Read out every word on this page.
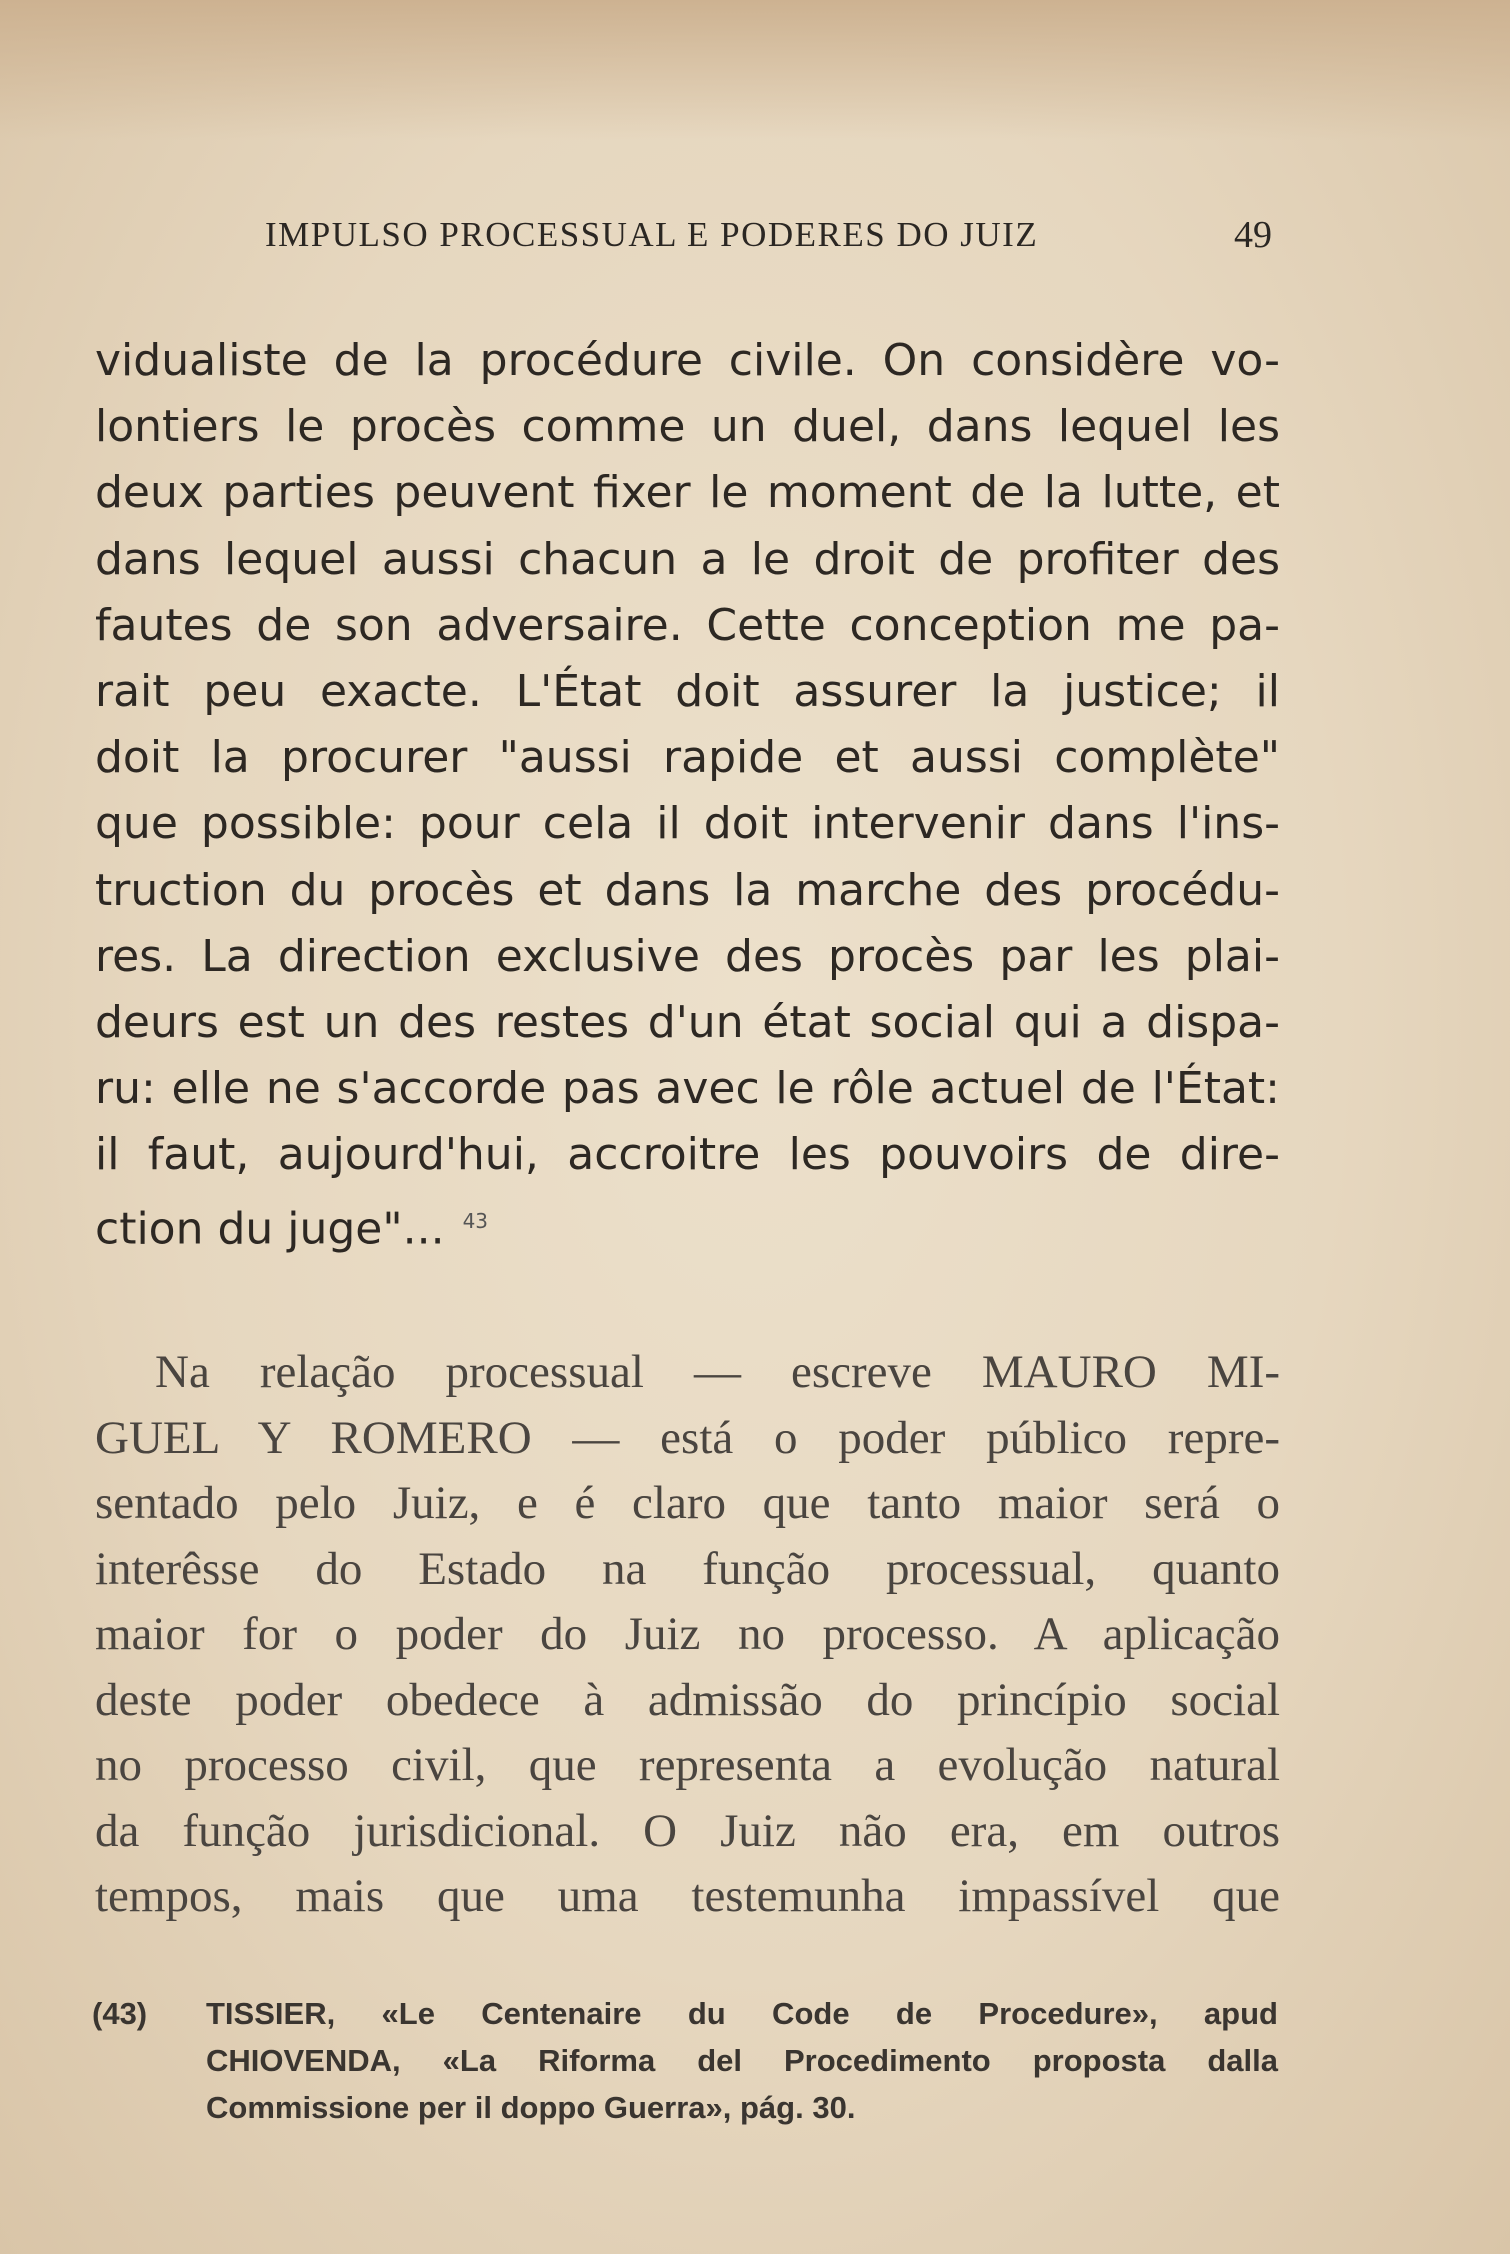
IMPULSO PROCESSUAL E PODERES DO JUIZ	49
vidualiste de la procédure civile. On considère vo-
lontiers le procès comme un duel, dans lequel les
deux parties peuvent fixer le moment de la lutte, et
dans lequel aussi chacun a le droit de profiter des
fautes de son adversaire. Cette conception me pa-
rait peu exacte. L'État doit assurer la justice; il
doit la procurer "aussi rapide et aussi complète"
que possible: pour cela il doit intervenir dans l'ins-
truction du procès et dans la marche des procédu-
res. La direction exclusive des procès par les plai-
deurs est un des restes d'un état social qui a dispa-
ru: elle ne s'accorde pas avec le rôle actuel de l'État:
il faut, aujourd'hui, accroitre les pouvoirs de dire-
ction du juge"... $^{43}$
Na relação processual — escreve MAURO MI-
GUEL Y ROMERO — está o poder público repre-
sentado pelo Juiz, e é claro que tanto maior será o
interêsse do Estado na função processual, quanto
maior for o poder do Juiz no processo. A aplicação
deste poder obedece à admissão do princípio social
no processo civil, que representa a evolução natural
da função jurisdicional. O Juiz não era, em outros
tempos, mais que uma testemunha impassível que
(43) TISSIER, «Le Centenaire du Code de Procedure», apud
CHIOVENDA, «La Riforma del Procedimento proposta dalla
Commissione per il doppo Guerra», pág. 30.
